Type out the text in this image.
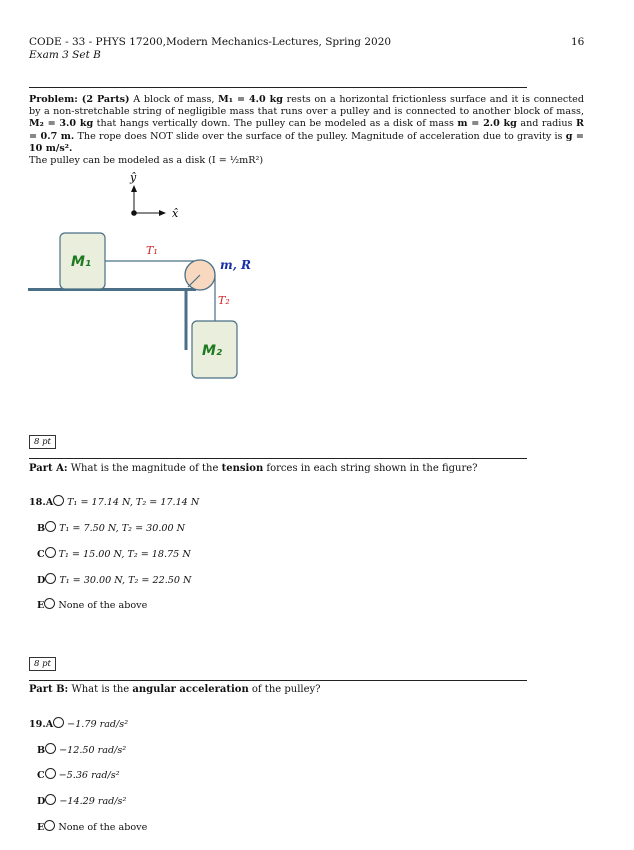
CODE - 33 - PHYS 17200,Modern Mechanics-Lectures, Spring 2020
Exam 3 Set B
16
Problem: (2 Parts) A block of mass, M₁ = 4.0 kg rests on a horizontal frictionless surface and it is connected by a non-stretchable string of negligible mass that runs over a pulley and is connected to another block of mass, M₂ = 3.0 kg that hangs vertically down. The pulley can be modeled as a disk of mass m = 2.0 kg and radius R = 0.7 m. The rope does NOT slide over the surface of the pulley. Magnitude of acceleration due to gravity is g = 10 m/s².
The pulley can be modeled as a disk (I = ½mR²)
ŷ
x̂
M₁
M₂
T₁
T₂
m, R
8 pt
Part A: What is the magnitude of the tension forces in each string shown in the figure?
18.A T₁ = 17.14 N, T₂ = 17.14 N
B T₁ = 7.50 N, T₂ = 30.00 N
C T₁ = 15.00 N, T₂ = 18.75 N
D T₁ = 30.00 N, T₂ = 22.50 N
E None of the above
8 pt
Part B: What is the angular acceleration of the pulley?
19.A −1.79 rad/s²
B −12.50 rad/s²
C −5.36 rad/s²
D −14.29 rad/s²
E None of the above
